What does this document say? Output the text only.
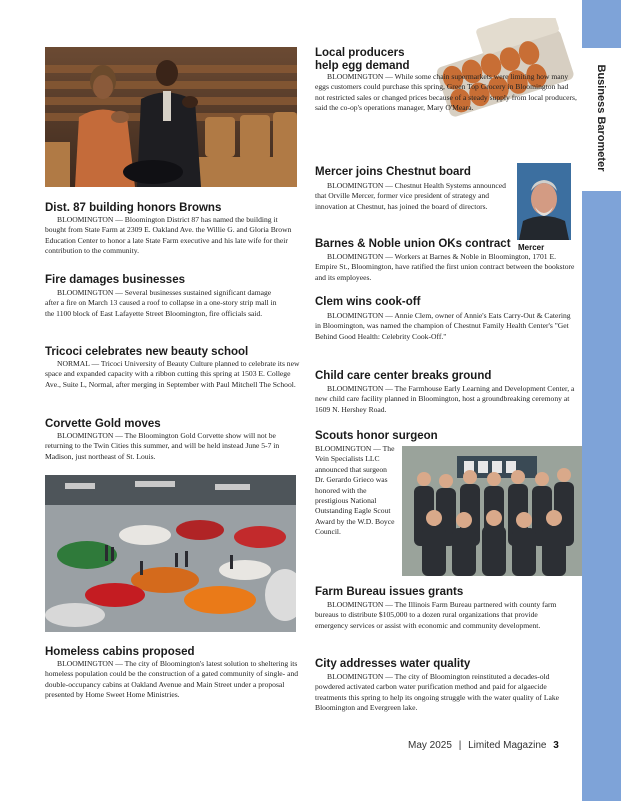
Business Barometer
Dist. 87 building honors Browns

BLOOMINGTON — Bloomington District 87 has named the building it bought from State Farm at 2309 E. Oakland Ave. the Willie G. and Gloria Brown Education Center to honor a late State Farm executive and his late wife for their contribution to the community.

Fire damages businesses

BLOOMINGTON — Several businesses sustained significant damage after a fire on March 13 caused a roof to collapse in a one-story strip mall in the 1100 block of East Lafayette Street Bloomington, fire officials said.

Tricoci celebrates new beauty school

NORMAL — Tricoci University of Beauty Culture planned to celebrate its new space and expanded capacity with a ribbon cutting this spring at 1503 E. College Ave., Suite L, Normal, after merging in September with Paul Mitchell The School.

Corvette Gold moves

BLOOMINGTON — The Bloomington Gold Corvette show will not be returning to the Twin Cities this summer, and will be held instead June 5-7 in Madison, just northeast of St. Louis.

Homeless cabins proposed

BLOOMINGTON — The city of Bloomington's latest solution to sheltering its homeless population could be the construction of a gated community of single- and double-occupancy cabins at Oakland Avenue and Main Street under a proposal presented by Home Sweet Home Ministries.

Local producers help egg demand

BLOOMINGTON — While some chain supermarkets were limiting how many eggs customers could purchase this spring, Green Top Grocery in Bloomington had not restricted sales or changed prices because of a steady supply from local producers, said the co-op's operations manager, Mary O'Meara.

Mercer joins Chestnut board

BLOOMINGTON — Chestnut Health Systems announced that Orville Mercer, former vice president of strategy and innovation at Chestnut, has joined the board of directors.

Mercer
Barnes & Noble union OKs contract

BLOOMINGTON — Workers at Barnes & Noble in Bloomington, 1701 E. Empire St., Bloomington, have ratified the first union contract between the bookstore and its employees.

Clem wins cook-off

BLOOMINGTON — Annie Clem, owner of Annie's Eats Carry-Out & Catering in Bloomington, was named the champion of Chestnut Family Health Center's "Get Behind Good Health: Celebrity Cook-Off."

Child care center breaks ground

BLOOMINGTON — The Farmhouse Early Learning and Development Center, a new child care facility planned in Bloomington, host a groundbreaking ceremony at 1609 N. Hershey Road.

Scouts honor surgeon

BLOOMINGTON — The Vein Specialists LLC announced that surgeon Dr. Gerardo Grieco was honored with the prestigious National Outstanding Eagle Scout Award by the W.D. Boyce Council.

Farm Bureau issues grants

BLOOMINGTON — The Illinois Farm Bureau partnered with county farm bureaus to distribute $105,000 to a dozen rural organizations that provide emergency services or assist with economic and community development.

City addresses water quality

BLOOMINGTON — The city of Bloomington reinstituted a decades-old powdered activated carbon water purification method and paid for algaecide treatments this spring to help its ongoing struggle with the water quality of Lake Bloomington and Evergreen lake.

May 2025 | Limited Magazine 3
